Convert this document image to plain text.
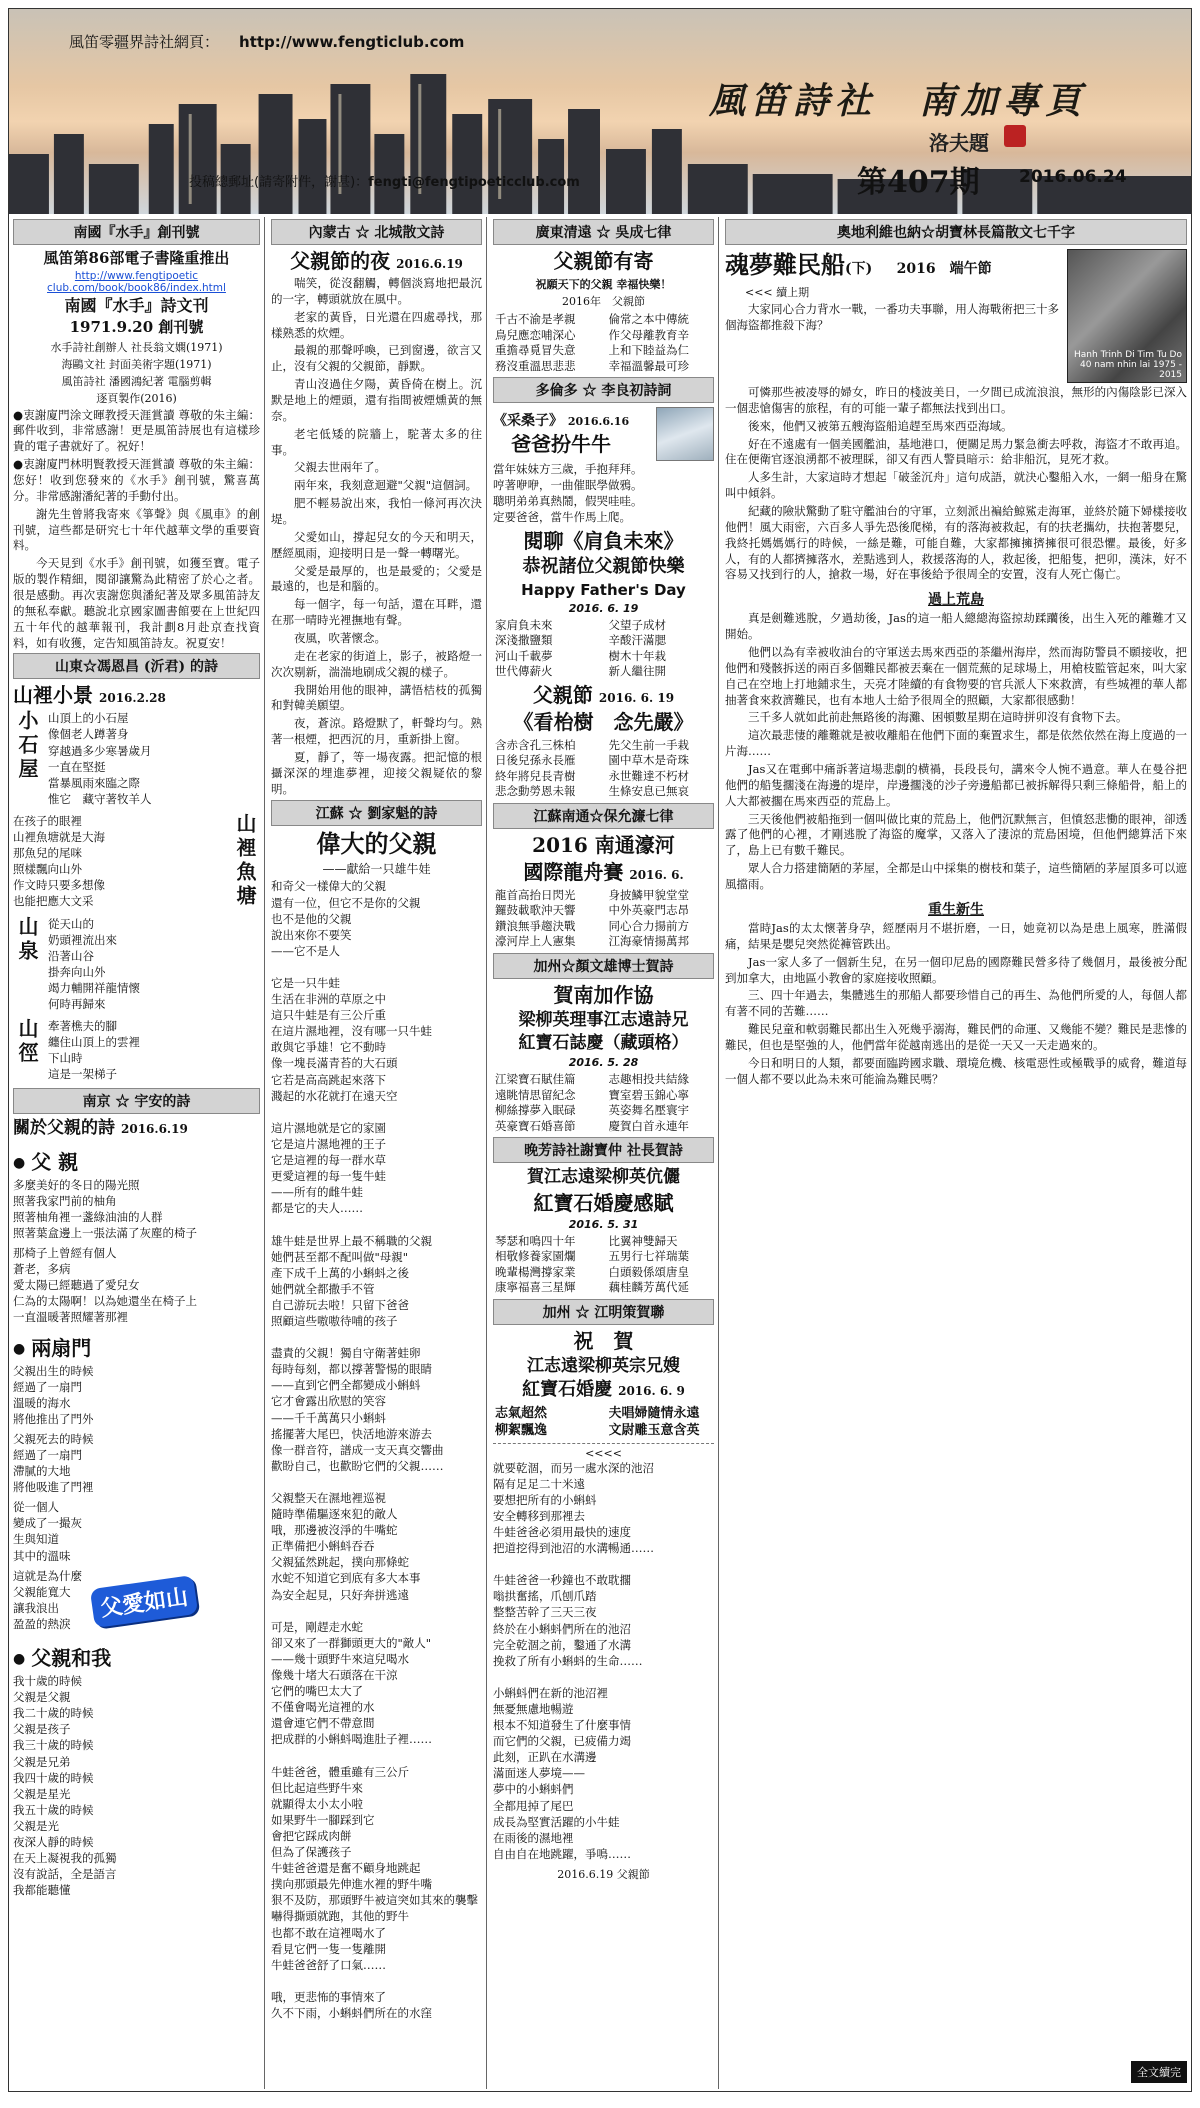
風笛零疆界詩社網頁： http://www.fengticlub.com
投稿總郵址(請寄附件，謝甚)：fengti@fengtipoeticclub.com
風笛詩社　南加專頁
洛夫題
第407期 2016.06.24
南國『水手』創刊號
風笛第86部電子書隆重推出
http://www.fengtipoetic club.com/book/book86/index.html
南國『水手』詩文刊
1971.9.20 創刊號
水手詩社創辦人 社長翁文嫻(1971)
海鷗文社 封面美術字題(1971)
風笛詩社 潘國鴻紀著 電腦剪輯
逐頁製作(2016)

●衷謝廈門涂文暉教授天涯賞讀 尊敬的朱主編：郵件收到，非常感謝！更是風笛詩展也有這樣珍貴的電子書就好了。祝好！

●衷謝廈門林明賢教授天涯賞讀 尊敬的朱主編：您好！收到您發來的《水手》創刊號，驚喜萬分。非常感謝潘紀著的手動付出。

謝先生曾將我寄來《箏聲》與《風車》的創刊號，這些都是研究七十年代越華文學的重要資料。

今天見到《水手》創刊號，如獲至寶。電子版的製作精細，閱卻讓驚為此精密了於心之者。很是感動。再次衷謝您與潘紀著及眾多風笛詩友的無私奉獻。聽說北京國家圖書館要在上世紀四五十年代的越華報刊，我計劃8月赴京查找資料，如有收獲，定告知風笛詩友。祝夏安！

山東☆馮恩昌 (沂君) 的詩
山裡小景 2016.2.28
小石屋 山頂上的小石屋
像個老人蹲著身
穿越過多少寒暑歲月
一直在堅挺
當暴風雨來臨之際
惟它　藏守著牧羊人
在孩子的眼裡
山裡魚塘就是大海
那魚兒的尾咪
照樣飄向山外
作文時只要多想像
也能把應大文采	山裡魚塘
山泉 從天山的
奶頭裡流出來
沿著山谷
掛奔向山外
竭力輔開祥龍情懷
何時再歸來
山徑 牽著樵夫的腳
纏住山頂上的雲裡
下山時
這是一架梯子
南京 ☆ 宇安的詩
關於父親的詩 2016.6.19
● 父 親
多麼美好的冬日的陽光照
照著我家門前的柚角
照著柚角裡一盞綠油油的人群
照著葉盒邊上一張法滿了灰塵的椅子
那椅子上曾經有個人
蒼老，多病
愛太陽已經聽過了愛兒女
仁為的太陽啊！以為她還坐在椅子上
一直溫暖著照耀著那裡
● 兩扇門
父親出生的時候
經過了一扇門
溫暖的海水
將他推出了門外
父親死去的時候
經過了一扇門
滯膩的大地
將他吸進了門裡
從一個人
變成了一撮灰
生與知道
其中的溫味
這就是為什麼
父親能寬大
讓我浪出
盈盈的熱淚
父愛如山
● 父親和我
我十歲的時候
父親是父親
我二十歲的時候
父親是孩子
我三十歲的時候
父親是兄弟
我四十歲的時候
父親是星光
我五十歲的時候
父親是光
夜深人靜的時候
在天上凝視我的孤獨
沒有說話，全是語言
我都能聽懂
內蒙古 ☆ 北城散文詩
父親節的夜 2016.6.19

喘笑，從沒翻觸，轉個淡寫地把最沉的一字，轉頭就放在風中。

老家的黃昏，日光還在四處尋找，那樣熟悉的炊煙。

最親的那聲呼喚，已到窗邊，欲言又止，沒有父親的父親節，靜默。

青山沒過住夕陽，黃昏倚在樹上。沉默是地上的煙頭，還有指間被煙燻黃的無奈。

老宅低矮的院牆上，駝著太多的往事。

父親去世兩年了。

兩年來，我刻意迴避"父親"這個詞。

肥不輕易說出來，我怕一條河再次決堤。

父愛如山，撐起兒女的今天和明天，歷經風雨，迎接明日是一聲一轉曙光。

父愛是最厚的，也是最愛的；父愛是最遠的，也是和腦的。

每一個字，每一句話，還在耳畔，還在那一晴時光裡撫地有聲。

夜風，吹著懷念。

走在老家的街道上，影子，被路燈一次次剔新，湍湍地刷成父親的樣子。

我開始用他的眼神，講悟桔枝的孤獨和對韓美願望。

夜，蒼涼。路燈默了，軒聲均勻。熟著一根煙，把西沉的月，重新掛上窗。

夏，靜了，等一場夜露。把記憶的根攝深深的埋進夢裡，迎接父親疑依的黎明。

江蘇 ☆ 劉家魁的詩
偉大的父親
——獻給一只雄牛娃
和奇父一樣偉大的父親
還有一位，但它不是你的父親
也不是他的父親
說出來你不要笑
——它不是人

它是一只牛蛙
生活在非洲的草原之中
這只牛蛙是有三公斤重
在這片濕地裡，沒有哪一只牛蛙
敢與它爭雄！它不動時
像一塊長滿青苔的大石頭
它若是高高跳起來落下
濺起的水花就打在遠天空

這片濕地就是它的家園
它是這片濕地裡的王子
它是這裡的每一群水草
更愛這裡的每一隻牛蛙
——所有的雌牛蛙
都是它的夫人……

雄牛蛙是世界上最不稱職的父親
她們甚至都不配叫做"母親"
產下成千上萬的小蝌蚪之後
她們就全都撒手不管
自己游玩去啦！只留下爸爸
照顧這些嗷嗷待哺的孩子

盡責的父親！獨自守衛著蛙卵
每時每刻，都以撐著警惕的眼睛
——直到它們全都變成小蝌蚪
它才會露出欣慰的笑容
——千千萬萬只小蝌蚪
搖擺著大尾巴，快活地游來游去
像一群音符，譜成一支天真交響曲
歡盼自己，也歡盼它們的父親……

父親整天在濕地裡巡視
隨時準備驅逐來犯的敵人
哦，那邊被沒淨的牛嘴蛇
正準備把小蝌蚪吞吞
父親猛然跳起，撲向那條蛇
水蛇不知道它到底有多大本事
為安全起見，只好奔拼逃遠

可是，剛趕走水蛇
卻又來了一群獅頭更大的"敵人"
——幾十頭野牛來這兒喝水
像幾十堵大石頭落在干涼
它們的嘴巴太大了
不僅會喝光這裡的水
還會連它們不帶意間
把成群的小蝌蚪喝進肚子裡……

牛蛙爸爸，體重雖有三公斤
但比起這些野牛來
就顯得太小太小啦
如果野牛一腳踩到它
會把它踩成肉餅
但為了保護孩子
牛蛙爸爸還是奮不顧身地跳起
撲向那頭最先伸進水裡的野牛嘴
狠不及防，那頭野牛被這突如其來的襲擊
嚇得撕頭就跑，其他的野牛
也都不敢在這裡喝水了
看見它們一隻一隻離開
牛蛙爸爸舒了口氣……

哦，更悲怖的事情來了
久不下雨，小蝌蚪們所在的水窪
廣東清遠 ☆ 吳成七律
父親節有寄
祝願天下的父親 幸福快樂！
2016年　父親節
千古不渝是孝親	倫常之本中傳統
鳥兒應恋哺深心	作父母離教育辛
重擔尋覓冒失意	上和下睦益為仁
務沒重溫思悲悲	幸福溫馨最可珍
多倫多 ☆ 李良初詩詞
《采桑子》 2016.6.16
爸爸扮牛牛
當年妹妹方三歲，手抱拜拜。
哼著咿咿，一曲催眠學做鴉。
聰明弟弟真熱鬧，假哭哇哇。
定要爸爸，當牛作馬上爬。
閱聊《肩負未來》
恭祝諸位父親節快樂
Happy Father's Day
2016. 6. 19
家肩負未來	父望子成材
深淺撒鹽類	辛酸汗滿腮
河山千載夢	樹木十年栽
世代傳薪火	新人繼往開
父親節 2016. 6. 19
《看枱樹　念先嚴》
含赤含孔三株柏	先父生前一手栽
日後兒孫永長雁	園中草木是奇珠
終年將兒長青樹	永世難達不朽材
悲念動勞恩未報	生條安息已無哀
江蘇南通☆保允濂七律
2016 南通濠河
國際龍舟賽 2016. 6.
龍首高抬日閃光	身披鱗甲貌堂堂
鑼鼓載歌沖天響	中外英豪門志昂
鑽浪無爭趨決戰	同心合力揚前方
濠河岸上人憲集	江海豪情揚萬邦
加州☆顏文雄博士賀詩
賀南加作協
梁柳英理事江志遠詩兄
紅寶石誌慶（藏頭格）
2016. 5. 28
江梁寶石賦佳篇	志趣相投共結緣
遠眺情思留紀念	寶室碧玉錦心寧
柳絲撐夢入眠碌	英姿舞名壓寰宇
英豪寶石婚喜節	慶賀白首永連年
晚芳詩社謝寶仲 社長賀詩
賀江志遠梁柳英伉儷
紅寶石婚慶感賦
2016. 5. 31
琴瑟和鳴四十年	比翼神雙歸天
相敬修養家園爛	五男行七祥瑞葉
晚輩楊灣撐家業	白頭毅係頌唐皇
康寧福喜三星輝	藕桂麟芳萬代延
加州 ☆ 江明策賀聯
祝　賀
江志遠梁柳英宗兄嫂
紅寶石婚慶 2016. 6. 9
志氣超然	夫唱婦隨情永遠
柳絮飄逸	文尉雕玉意含英
<<<<
就要乾涸，而另一處水深的池沼
隔有足足二十米遠
要想把所有的小蝌蚪
安全轉移到那裡去
牛蛙爸爸必須用最快的速度
把道挖得到池沼的水溝暢通……

牛蛙爸爸一秒鐘也不敢耽擱
嗡拱奮搖，爪刨爪踏
整整苦幹了三天三夜
終於在小蝌蚪們所在的池沼
完全乾涸之前，鑿通了水溝
挽救了所有小蝌蚪的生命……

小蝌蚪們在新的池沼裡
無憂無慮地暢遊
根本不知道發生了什麼事情
而它們的父親，已疲備力竭
此刻，正趴在水溝邊
滿面迷人夢境——
夢中的小蝌蚪們
全都甩掉了尾巴
成長為堅實活躍的小牛蛙
在雨後的濕地裡
自由自在地跳躍，爭鳴……
2016.6.19 父親節
奧地利維也納☆胡寶林長篇散文七千字
魂夢難民船(下) 2016　端午節
<<< 續上期

大家同心合力背水一戰，一番功夫事聯，用人海戰術把三十多個海盜都推殺下海？

Hanh Trinh Di Tim Tu Do 40 nam nhin lai 1975 - 2015

可憐那些被凌辱的婦女，昨日的棧波美日，一夕間已成流浪浪，無形的內傷陰影已深入一個悲愴傷害的旅程，有的可能一輩子都無法找到出口。

後來，他們又被第五艘海盜船追趕至馬來西亞海域。

好在不遠處有一個美國艦油，基地港口，便關足馬力緊急衝去呼救，海盜才不敢再追。住在便衛官逐浪湧都不被理睬，卻又有西人警員暗示：給非船沉，見死才救。

人多生計，大家這時才想起「破釜沉舟」這句成語，就決心鑿船入水，一網一船身在驚叫中傾斜。

紀藏的險狀驚動了駐守艦油台的守軍，立刻派出褊給鯨鯊走海軍，並終於隨下婦樣接收他們！風大雨密，六百多人爭先恐後爬梯，有的落海被救起，有的扶老攜幼，扶抱著嬰兒，我終托媽媽媽行的時候，一絲是難，可能自難，大家都擁擁擠擁很可很恐懼。最後，好多人，有的人都擠擁落水，差點逃到人，救援落海的人，救起後，把船隻，把卯，漢沫，好不容易又找到行的人，搶救一場，好在事後給予很周全的安置，沒有人死亡傷亡。

過上荒島

真是劍難逃脫，夕過劫後，Jas的這一船人總總海盜掠劫蹂躪後，出生入死的離難才又開始。

他們以為有幸被收油台的守軍送去馬來西亞的茶繼州海岸，然而海防警員不願接收，把他們和殘骸拆送的兩百多個難民都被丟棄在一個荒蕪的足球場上，用槍枝監管起來，叫大家自己在空地上打地鋪求生，天亮才陸續的有食物要的官兵派人下來救濟，有些城裡的華人都抽著食來救濟難民，也有本地人士給予很周全的照顧，大家都很感動！

三千多人就如此前赴無路後的海灘、困頓數星期在這時拼卯沒有食物下去。

這次最悲悽的離難就是被收離船在他們下面的棄置求生，都是依然依然在海上度過的一片海……

Jas又在電郵中痛訴著這場悲劇的横禍，長段長句，講來令人惋不過意。華人在曼谷把他們的船隻擱淺在海邊的堤岸，岸邊擱淺的沙子旁邊船都已被拆解得只剩三條船骨，船上的人大都被擱在馬來西亞的荒島上。

三天後他們被船拖到一個叫做比東的荒島上，他們沉默無言，但憤怒悲慟的眼神，卻透露了他們的心裡，才剛逃脫了海盜的魔掌，又落入了淒涼的荒島困境，但他們總算活下來了，島上已有數千難民。

眾人合力搭建簡陋的茅屋，全都是山中採集的樹枝和葉子，這些簡陋的茅屋頂多可以遮風擋雨。

重生新生

當時Jas的太太懷著身孕，經歷兩月不堪折磨，一日，她竟初以為是患上風寒，胜滿假痛，結果是嬰兒突然從褲管跌出。

Jas一家人多了一個新生兒，在另一個印尼島的國際難民營多待了幾個月，最後被分配到加拿大，由地區小教會的家庭接收照顧。

三、四十年過去，集體逃生的那船人都要珍惜自己的再生、為他們所愛的人，每個人都有著不同的苦難……

難民兒童和軟弱難民都出生入死幾乎溺海，難民們的命運、又幾能不變？難民是悲慘的難民，但也是堅強的人，他們當年從越南逃出的是從一天又一天走過來的。

今日和明日的人類，都要面臨跨國求職、環境危機、核電惡性或極戰爭的威脅，難道每一個人都不要以此為未來可能淪為難民嗎？

全文續完
